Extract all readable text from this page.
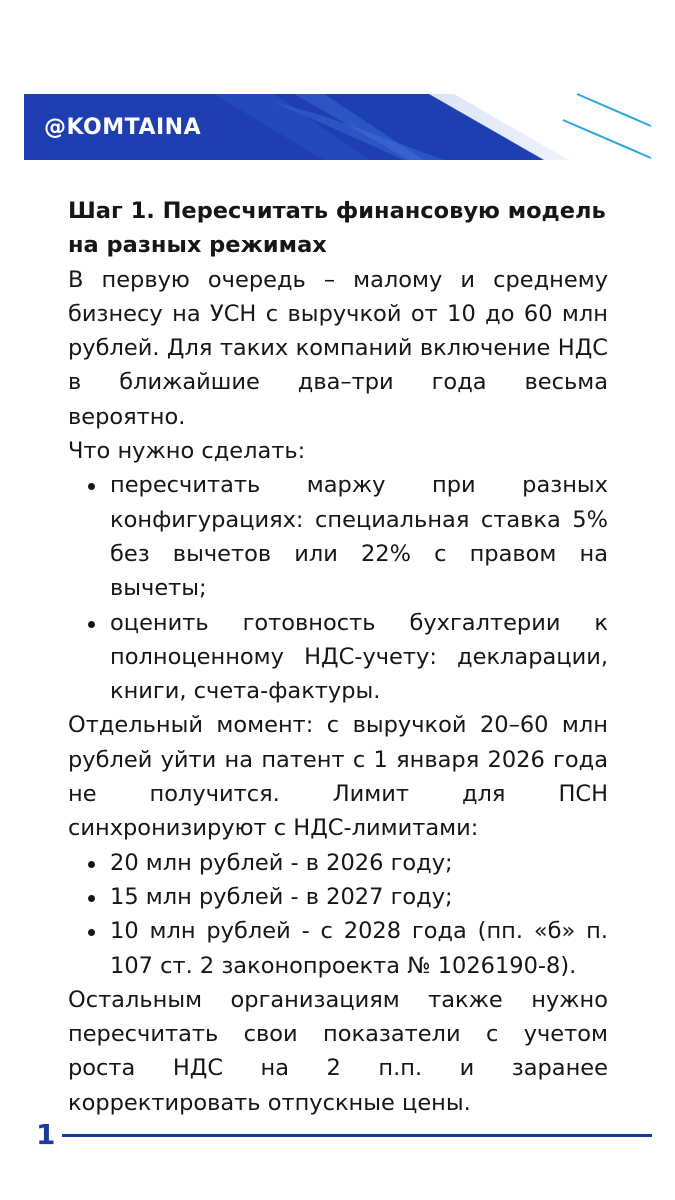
@KOMTAINA

Шаг 1. Пересчитать финансовую модель на разных режимах

В первую очередь – малому и среднему бизнесу на УСН с выручкой от 10 до 60 млн рублей. Для таких компаний включение НДС в ближайшие два–три года весьма вероятно.

Что нужно сделать:

пересчитать маржу при разных конфигурациях: специальная ставка 5% без вычетов или 22% с правом на вычеты;
оценить готовность бухгалтерии к полноценному НДС-учету: декларации, книги, счета-фактуры.

Отдельный момент: с выручкой 20–60 млн рублей уйти на патент с 1 января 2026 года не получится. Лимит для ПСН синхронизируют с НДС-лимитами:

20 млн рублей - в 2026 году;
15 млн рублей - в 2027 году;
10 млн рублей - с 2028 года (пп. «б» п. 107 ст. 2 законопроекта № 1026190-8).

Остальным организациям также нужно пересчитать свои показатели с учетом роста НДС на 2 п.п. и заранее корректировать отпускные цены.

1
